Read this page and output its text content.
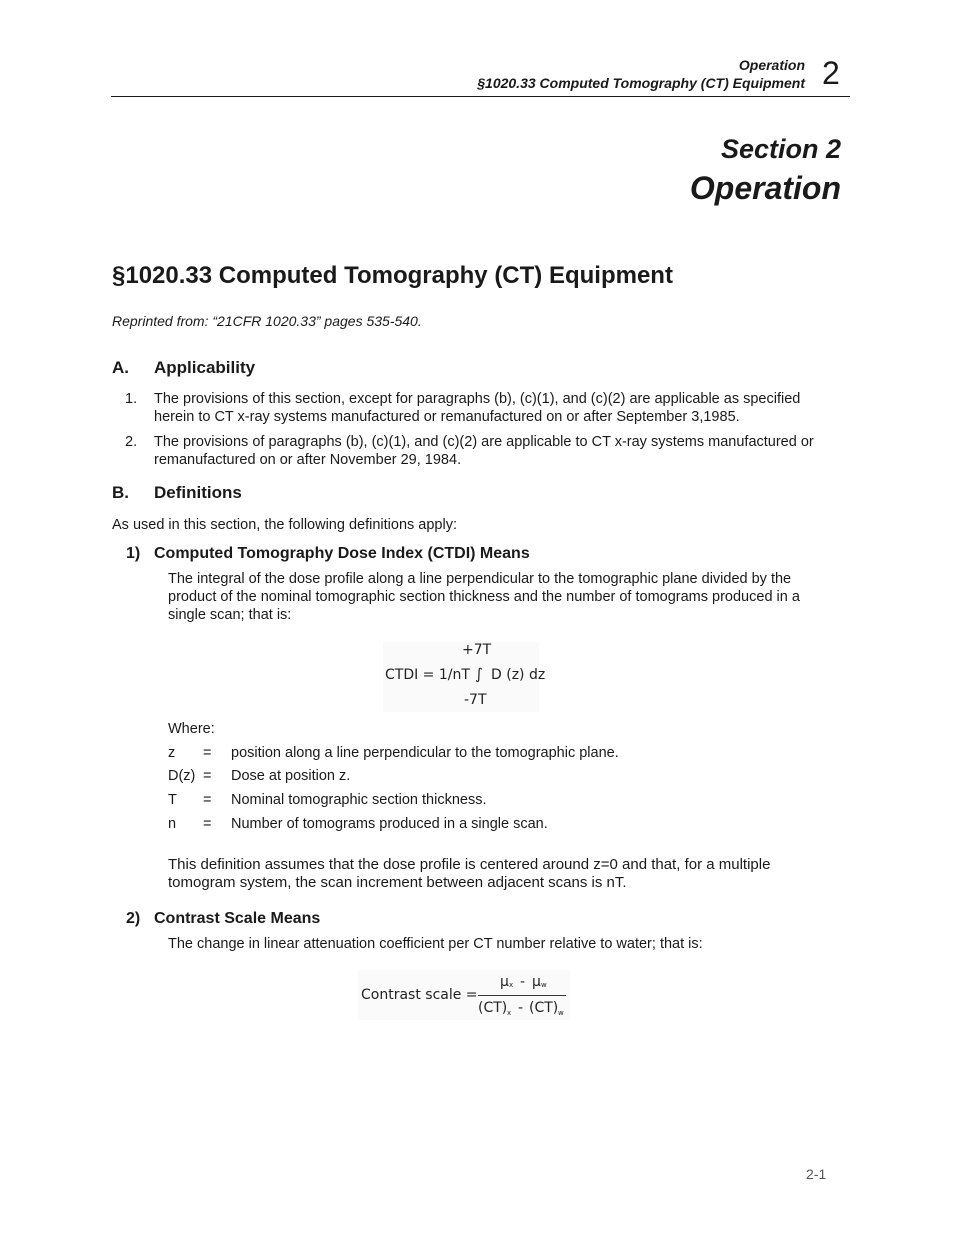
Operation
§1020.33 Computed Tomography (CT) Equipment 2
Section 2
Operation
§1020.33 Computed Tomography (CT) Equipment
Reprinted from: “21CFR 1020.33” pages 535-540.
A. Applicability
1. The provisions of this section, except for paragraphs (b), (c)(1), and (c)(2) are applicable as specified herein to CT x-ray systems manufactured or remanufactured on or after September 3,1985.
2. The provisions of paragraphs (b), (c)(1), and (c)(2) are applicable to CT x-ray systems manufactured or remanufactured on or after November 29, 1984.
B. Definitions
As used in this section, the following definitions apply:
1) Computed Tomography Dose Index (CTDI) Means
The integral of the dose profile along a line perpendicular to the tomographic plane divided by the product of the nominal tomographic section thickness and the number of tomograms produced in a single scan; that is:
+7T
CTDI = 1/nT ∫ D (z) dz
-7T
Where:
z = position along a line perpendicular to the tomographic plane.
D(z) = Dose at position z.
T = Nominal tomographic section thickness.
n = Number of tomograms produced in a single scan.
This definition assumes that the dose profile is centered around z=0 and that, for a multiple tomogram system, the scan increment between adjacent scans is nT.
2) Contrast Scale Means
The change in linear attenuation coefficient per CT number relative to water; that is:
Contrast scale =
μ x - μ w
(CT) x - (CT) w
2-1
